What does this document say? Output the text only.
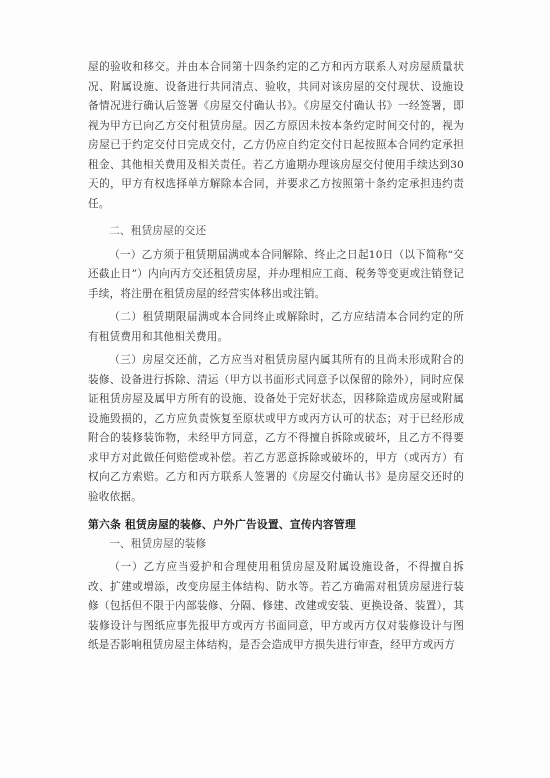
屋的验收和移交。并由本合同第十四条约定的乙方和丙方联系人对房屋质量状况、附属设施、设备进行共同清点、验收，共同对该房屋的交付现状、设施设备情况进行确认后签署《房屋交付确认书》。《房屋交付确认书》一经签署，即视为甲方已向乙方交付租赁房屋。因乙方原因未按本条约定时间交付的，视为房屋已于约定交付日完成交付，乙方仍应自约定交付日起按照本合同约定承担租金、其他相关费用及相关责任。若乙方逾期办理该房屋交付使用手续达到30天的，甲方有权选择单方解除本合同，并要求乙方按照第十条约定承担违约责任。

二、租赁房屋的交还

（一）乙方须于租赁期届满或本合同解除、终止之日起10日（以下简称“交还截止日”）内向丙方交还租赁房屋，并办理相应工商、税务等变更或注销登记手续，将注册在租赁房屋的经营实体移出或注销。

（二）租赁期限届满或本合同终止或解除时，乙方应结清本合同约定的所有租赁费用和其他相关费用。

（三）房屋交还前，乙方应当对租赁房屋内属其所有的且尚未形成附合的装修、设备进行拆除、清运（甲方以书面形式同意予以保留的除外），同时应保证租赁房屋及属甲方所有的设施、设备处于完好状态，因移除造成房屋或附属设施毁损的，乙方应负责恢复至原状或甲方或丙方认可的状态；对于已经形成附合的装修装饰物，未经甲方同意，乙方不得擅自拆除或破坏，且乙方不得要求甲方对此做任何赔偿或补偿。若乙方恶意拆除或破坏的，甲方（或丙方）有权向乙方索赔。乙方和丙方联系人签署的《房屋交付确认书》是房屋交还时的验收依据。

第六条 租赁房屋的装修、户外广告设置、宣传内容管理

一、租赁房屋的装修

（一）乙方应当爱护和合理使用租赁房屋及附属设施设备，不得擅自拆改、扩建或增添，改变房屋主体结构、防水等。若乙方确需对租赁房屋进行装修（包括但不限于内部装修、分隔、修建、改建或安装、更换设备、装置），其装修设计与图纸应事先报甲方或丙方书面同意，甲方或丙方仅对装修设计与图纸是否影响租赁房屋主体结构，是否会造成甲方损失进行审查，经甲方或丙方
